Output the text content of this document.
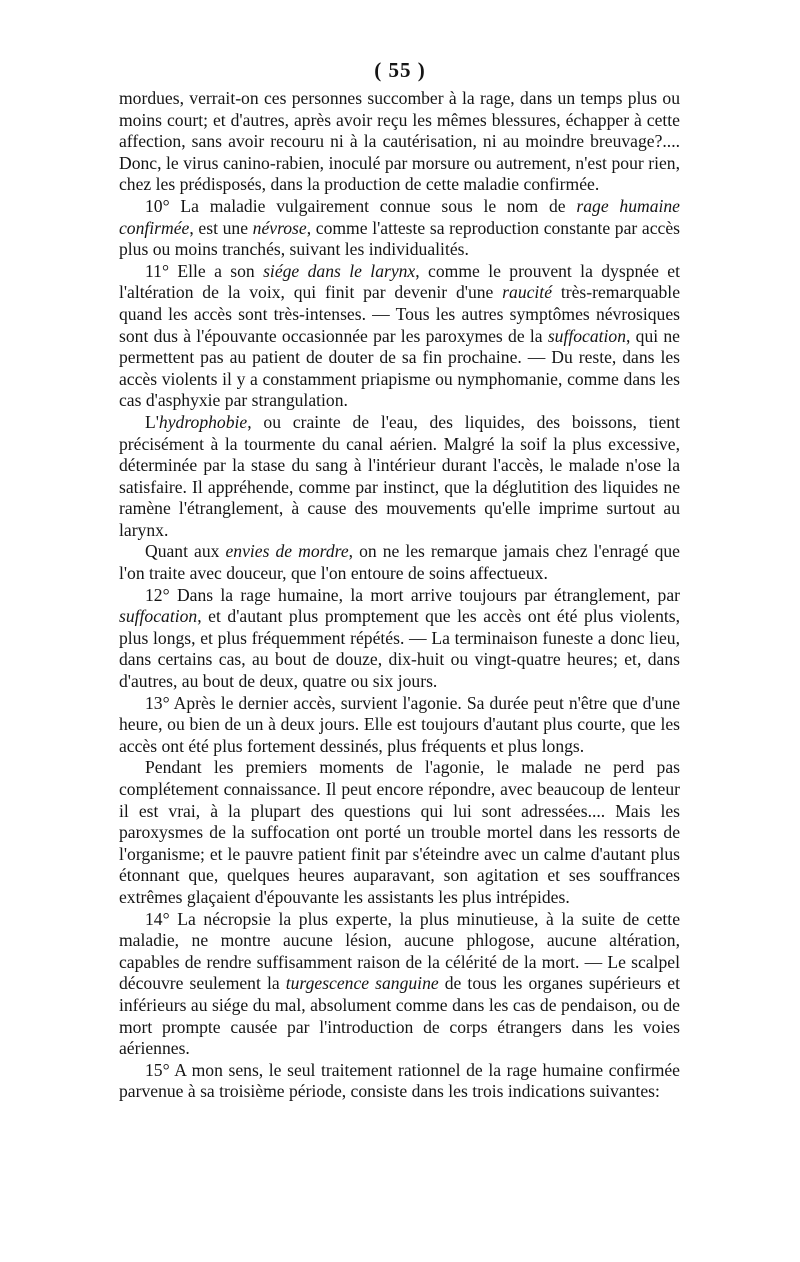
( 55 )

mordues, verrait-on ces personnes succomber à la rage, dans un temps plus ou moins court; et d'autres, après avoir reçu les mêmes blessures, échapper à cette affection, sans avoir recouru ni à la cautérisation, ni au moindre breuvage?.... Donc, le virus canino-rabien, inoculé par morsure ou autrement, n'est pour rien, chez les prédisposés, dans la production de cette maladie confirmée.

10° La maladie vulgairement connue sous le nom de rage humaine confirmée, est une névrose, comme l'atteste sa reproduction constante par accès plus ou moins tranchés, suivant les individualités.

11° Elle a son siége dans le larynx, comme le prouvent la dyspnée et l'altération de la voix, qui finit par devenir d'une raucité très-remarquable quand les accès sont très-intenses. — Tous les autres symptômes névrosiques sont dus à l'épouvante occasionnée par les paroxymes de la suffocation, qui ne permettent pas au patient de douter de sa fin prochaine. — Du reste, dans les accès violents il y a constamment priapisme ou nymphomanie, comme dans les cas d'asphyxie par strangulation.

L'hydrophobie, ou crainte de l'eau, des liquides, des boissons, tient précisément à la tourmente du canal aérien. Malgré la soif la plus excessive, déterminée par la stase du sang à l'intérieur durant l'accès, le malade n'ose la satisfaire. Il appréhende, comme par instinct, que la déglutition des liquides ne ramène l'étranglement, à cause des mouvements qu'elle imprime surtout au larynx.

Quant aux envies de mordre, on ne les remarque jamais chez l'enragé que l'on traite avec douceur, que l'on entoure de soins affectueux.

12° Dans la rage humaine, la mort arrive toujours par étranglement, par suffocation, et d'autant plus promptement que les accès ont été plus violents, plus longs, et plus fréquemment répétés. — La terminaison funeste a donc lieu, dans certains cas, au bout de douze, dix-huit ou vingt-quatre heures; et, dans d'autres, au bout de deux, quatre ou six jours.

13° Après le dernier accès, survient l'agonie. Sa durée peut n'être que d'une heure, ou bien de un à deux jours. Elle est toujours d'autant plus courte, que les accès ont été plus fortement dessinés, plus fréquents et plus longs.

Pendant les premiers moments de l'agonie, le malade ne perd pas complétement connaissance. Il peut encore répondre, avec beaucoup de lenteur il est vrai, à la plupart des questions qui lui sont adressées.... Mais les paroxysmes de la suffocation ont porté un trouble mortel dans les ressorts de l'organisme; et le pauvre patient finit par s'éteindre avec un calme d'autant plus étonnant que, quelques heures auparavant, son agitation et ses souffrances extrêmes glaçaient d'épouvante les assistants les plus intrépides.

14° La nécropsie la plus experte, la plus minutieuse, à la suite de cette maladie, ne montre aucune lésion, aucune phlogose, aucune altération, capables de rendre suffisamment raison de la célérité de la mort. — Le scalpel découvre seulement la turgescence sanguine de tous les organes supérieurs et inférieurs au siége du mal, absolument comme dans les cas de pendaison, ou de mort prompte causée par l'introduction de corps étrangers dans les voies aériennes.

15° A mon sens, le seul traitement rationnel de la rage humaine confirmée parvenue à sa troisième période, consiste dans les trois indications suivantes:
